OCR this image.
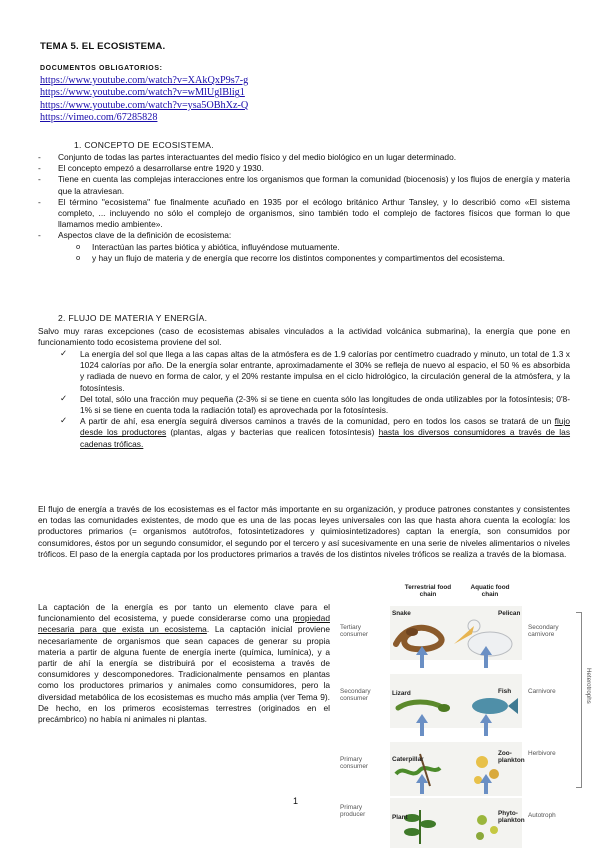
TEMA 5. EL ECOSISTEMA.
DOCUMENTOS OBLIGATORIOS:
https://www.youtube.com/watch?v=XAkQxP9s7-g
https://www.youtube.com/watch?v=wMlUglBlig1
https://www.youtube.com/watch?v=ysa5OBhXz-Q
https://vimeo.com/67285828
1. CONCEPTO DE ECOSISTEMA.
- Conjunto de todas las partes interactuantes del medio físico y del medio biológico en un lugar determinado.
- El concepto empezó a desarrollarse entre 1920 y 1930.
- Tiene en cuenta las complejas interacciones entre los organismos que forman la comunidad (biocenosis) y los flujos de energía y materia que la atraviesan.
- El término "ecosistema" fue finalmente acuñado en 1935 por el ecólogo británico Arthur Tansley, y lo describió como «El sistema completo, ... incluyendo no sólo el complejo de organismos, sino también todo el complejo de factores físicos que forman lo que llamamos medio ambiente».
- Aspectos clave de la definición de ecosistema:
o Interactúan las partes biótica y abiótica, influyéndose mutuamente.
o y hay un flujo de materia y de energía que recorre los distintos componentes y compartimentos del ecosistema.
2. FLUJO DE MATERIA Y ENERGÍA.
Salvo muy raras excepciones (caso de ecosistemas abisales vinculados a la actividad volcánica submarina), la energía que pone en funcionamiento todo ecosistema proviene del sol.
✓ La energía del sol que llega a las capas altas de la atmósfera es de 1.9 calorías por centímetro cuadrado y minuto, un total de 1.3 x 1024 calorías por año. De la energía solar entrante, aproximadamente el 30% se refleja de nuevo al espacio, el 50 % es absorbida y radiada de nuevo en forma de calor, y el 20% restante impulsa en el ciclo hidrológico, la circulación general de la atmósfera, y la fotosíntesis.
✓ Del total, sólo una fracción muy pequeña (2-3% si se tiene en cuenta sólo las longitudes de onda utilizables por la fotosíntesis; 0'8-1% si se tiene en cuenta toda la radiación total) es aprovechada por la fotosíntesis.
✓ A partir de ahí, esa energía seguirá diversos caminos a través de la comunidad, pero en todos los casos se tratará de un flujo desde los productores (plantas, algas y bacterias que realicen fotosíntesis) hasta los diversos consumidores a través de las cadenas tróficas.
El flujo de energía a través de los ecosistemas es el factor más importante en su organización, y produce patrones constantes y consistentes en todas las comunidades existentes, de modo que es una de las pocas leyes universales con las que hasta ahora cuenta la ecología: los productores primarios (= organismos autótrofos, fotosintetizadores y quimiosintetizadores) captan la energía, son consumidos por consumidores, éstos por un segundo consumidor, el segundo por el tercero y así sucesivamente en una serie de niveles alimentarios o niveles tróficos. El paso de la energía captada por los productores primarios a través de los distintos niveles tróficos se realiza a través de la biomasa.
La captación de la energía es por tanto un elemento clave para el funcionamiento del ecosistema, y puede considerarse como una propiedad necesaria para que exista un ecosistema. La captación inicial proviene necesariamente de organismos que sean capaces de generar su propia materia a partir de alguna fuente de energía inerte (química, lumínica), y a partir de ahí la energía se distribuirá por el ecosistema a través de consumidores y descomponedores. Tradicionalmente pensamos en plantas como los productores primarios y animales como consumidores, pero la diversidad metabólica de los ecosistemas es mucho más amplia (ver Tema 9). De hecho, en los primeros ecosistemas terrestres (originados en el precámbrico) no había ni animales ni plantas.
1
Terrestrial food chain
Aquatic food chain
Tertiary consumer
Secondary consumer
Primary consumer
Primary producer
Secondary carnivore
Carnivore
Herbivore
Autotroph
Heterotrophs
Snake	Pelican
Lizard	Fish
Caterpillar
Zoo-plankton
Plant
Phyto-plankton
